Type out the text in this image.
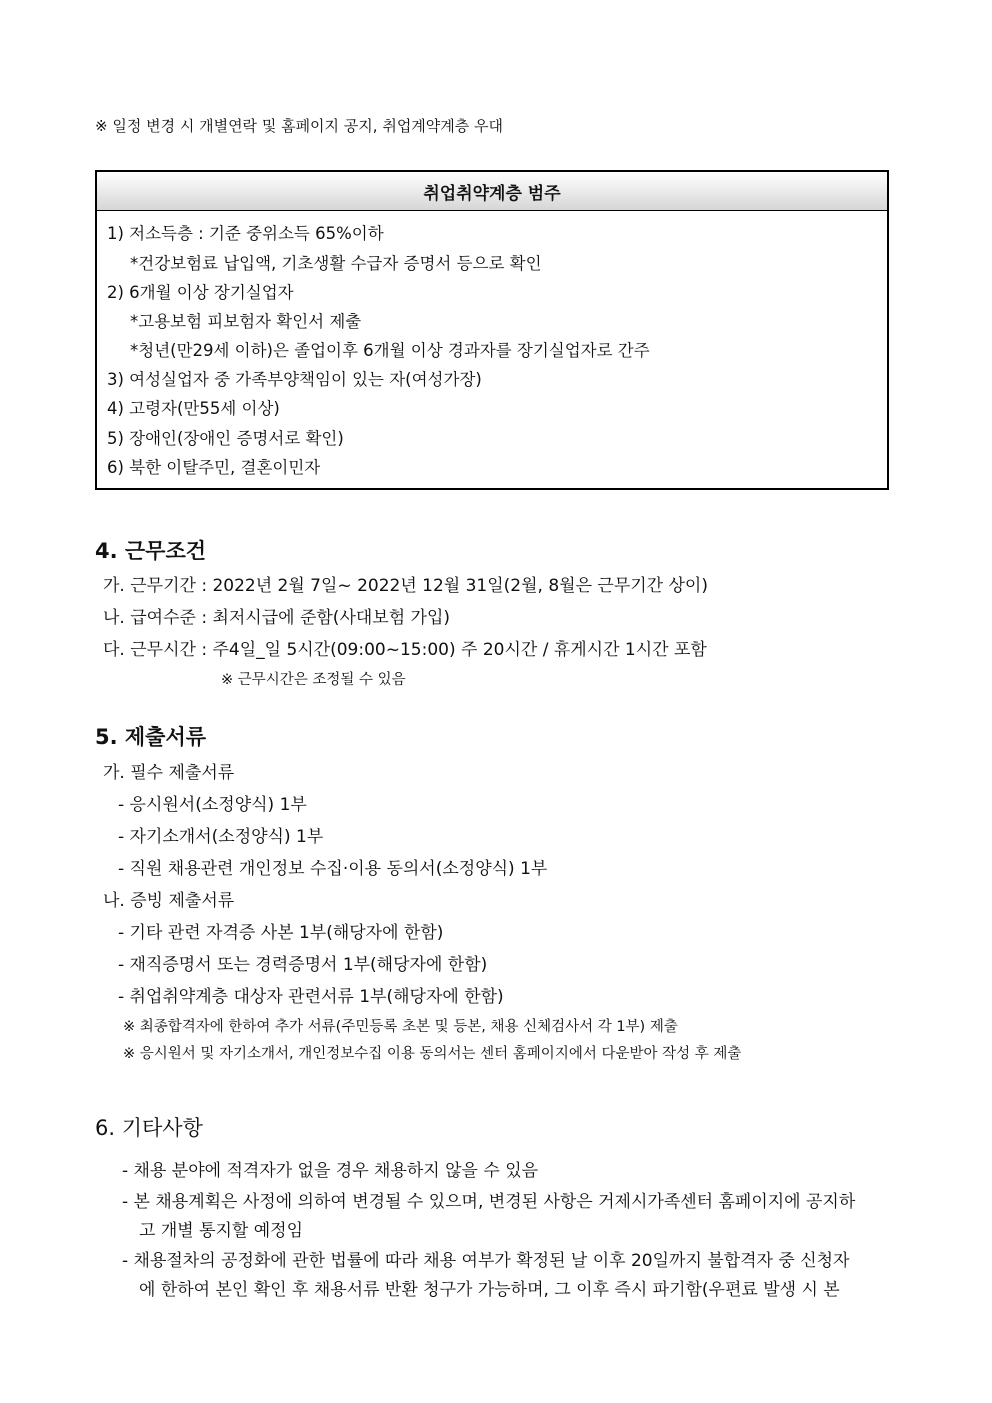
※ 일정 변경 시 개별연락 및 홈페이지 공지, 취업계약계층 우대
취업취약계층 범주
1) 저소득층 : 기준 중위소득 65%이하
*건강보험료 납입액, 기초생활 수급자 증명서 등으로 확인
2) 6개월 이상 장기실업자
*고용보험 피보험자 확인서 제출
*청년(만29세 이하)은 졸업이후 6개월 이상 경과자를 장기실업자로 간주
3) 여성실업자 중 가족부양책임이 있는 자(여성가장)
4) 고령자(만55세 이상)
5) 장애인(장애인 증명서로 확인)
6) 북한 이탈주민, 결혼이민자
4. 근무조건
가. 근무기간 : 2022년 2월 7일~ 2022년 12월 31일(2월, 8월은 근무기간 상이)
나. 급여수준 : 최저시급에 준함(사대보험 가입)
다. 근무시간 : 주4일_일 5시간(09:00~15:00) 주 20시간 / 휴게시간 1시간 포함
※ 근무시간은 조정될 수 있음
5. 제출서류
가. 필수 제출서류
- 응시원서(소정양식) 1부
- 자기소개서(소정양식) 1부
- 직원 채용관련 개인정보 수집·이용 동의서(소정양식) 1부
나. 증빙 제출서류
- 기타 관련 자격증 사본 1부(해당자에 한함)
- 재직증명서 또는 경력증명서 1부(해당자에 한함)
- 취업취약계층 대상자 관련서류 1부(해당자에 한함)
※ 최종합격자에 한하여 추가 서류(주민등록 초본 및 등본, 채용 신체검사서 각 1부) 제출
※ 응시원서 및 자기소개서, 개인정보수집 이용 동의서는 센터 홈페이지에서 다운받아 작성 후 제출
6. 기타사항
- 채용 분야에 적격자가 없을 경우 채용하지 않을 수 있음
- 본 채용계획은 사정에 의하여 변경될 수 있으며, 변경된 사항은 거제시가족센터 홈페이지에 공지하
고 개별 통지할 예정임
- 채용절차의 공정화에 관한 법률에 따라 채용 여부가 확정된 날 이후 20일까지 불합격자 중 신청자
에 한하여 본인 확인 후 채용서류 반환 청구가 가능하며, 그 이후 즉시 파기함(우편료 발생 시 본
